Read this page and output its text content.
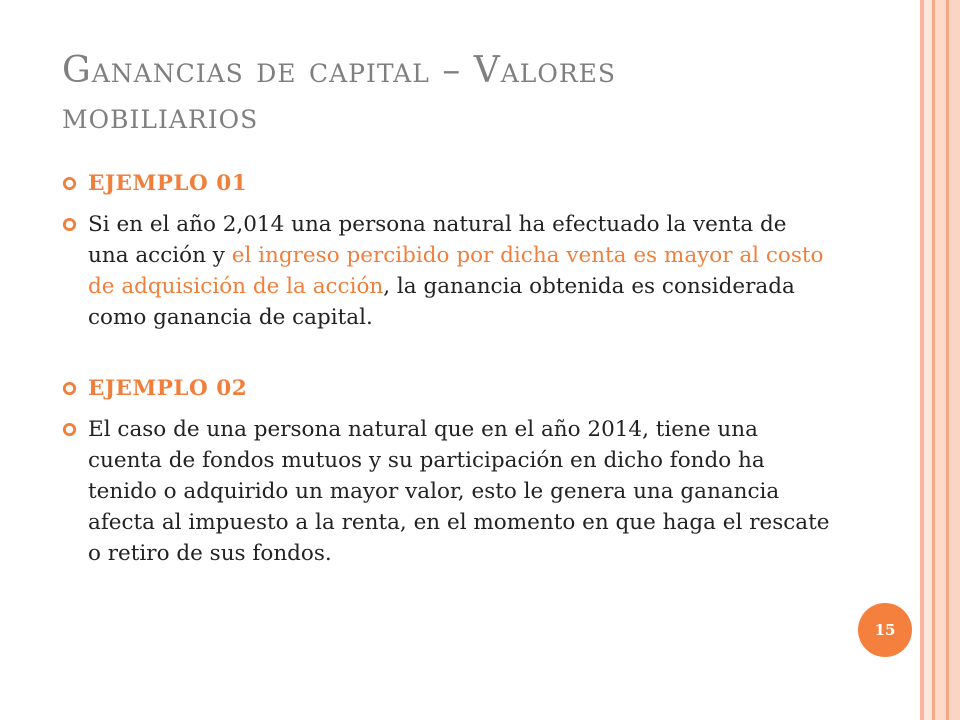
Ganancias de capital – Valores
mobiliarios
EJEMPLO 01
Si en el año 2,014 una persona natural ha efectuado la venta de una acción y el ingreso percibido por dicha venta es mayor al costo de adquisición de la acción, la ganancia obtenida es considerada como ganancia de capital.
EJEMPLO 02
El caso de una persona natural que en el año 2014, tiene una cuenta de fondos mutuos y su participación en dicho fondo ha tenido o adquirido un mayor valor, esto le genera una ganancia afecta al impuesto a la renta, en el momento en que haga el rescate o retiro de sus fondos.
15
